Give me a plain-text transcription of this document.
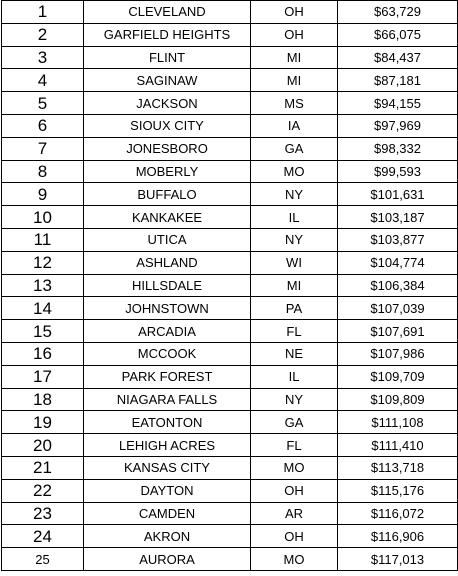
1	CLEVELAND	OH	$63,729
2	GARFIELD HEIGHTS	OH	$66,075
3	FLINT	MI	$84,437
4	SAGINAW	MI	$87,181
5	JACKSON	MS	$94,155
6	SIOUX CITY	IA	$97,969
7	JONESBORO	GA	$98,332
8	MOBERLY	MO	$99,593
9	BUFFALO	NY	$101,631
10	KANKAKEE	IL	$103,187
11	UTICA	NY	$103,877
12	ASHLAND	WI	$104,774
13	HILLSDALE	MI	$106,384
14	JOHNSTOWN	PA	$107,039
15	ARCADIA	FL	$107,691
16	MCCOOK	NE	$107,986
17	PARK FOREST	IL	$109,709
18	NIAGARA FALLS	NY	$109,809
19	EATONTON	GA	$111,108
20	LEHIGH ACRES	FL	$111,410
21	KANSAS CITY	MO	$113,718
22	DAYTON	OH	$115,176
23	CAMDEN	AR	$116,072
24	AKRON	OH	$116,906
25	AURORA	MO	$117,013
